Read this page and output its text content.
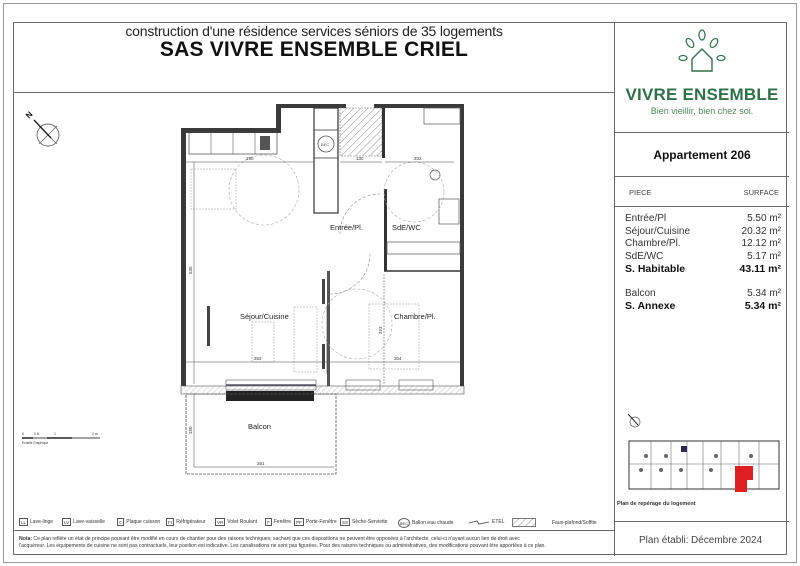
construction d'une résidence services séniors de 35 logements
SAS VIVRE ENSEMBLE CRIEL
N
BEC
290	130	202
530
353	304
323
361
150
0	0.5	1	2 m
Echelle Graphique
Entrée/Pl.	SdE/WC
Séjour/Cuisine	Chambre/Pl.
Balcon
LL Lave-linge	LV Lave-vaisselle	C Plaque cuisson	Fr Réfrigérateur	VR Volet Roulant	F Fenêtre	PF Porte-Fenêtre	SS Sèche-Serviette	BEC Ballon eau chaude	ETEL	Faux-plafond/Soffite
Nota: Ce plan reflète un état de principe pouvant être modifié en cours de chantier pour des raisons techniques; sachant que ces dispositions ne peuvent être opposées à l'architecte, celui-ci n'ayant aucun lien de droit avec
l'acquéreur. Les équipements de cuisine ne sont pas contractuels, leur position est indicative. Les canalisations ne sont pas figurées. Pour des raisons techniques ou administratives, des modifications pouvant être apportées à ce plan.
VIVRE ENSEMBLE
Bien vieillir, bien chez soi.
Appartement 206
PIECE	SURFACE
Entrée/Pl	5.50 m²
Séjour/Cuisine	20.32 m²
Chambre/Pl.	12.12 m²
SdE/WC	5.17 m²
S. Habitable	43.11 m²
Balcon	5.34 m²
S. Annexe	5.34 m²
Plan de repérage du logement
Plan établi: Décembre 2024
